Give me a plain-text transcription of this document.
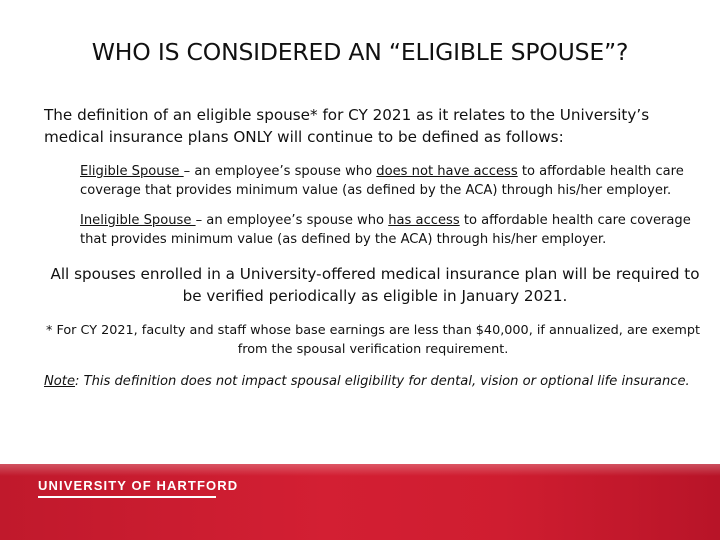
WHO IS CONSIDERED AN “ELIGIBLE SPOUSE”?
The definition of an eligible spouse* for CY 2021 as it relates to the University’s medical insurance plans ONLY will continue to be defined as follows:
Eligible Spouse – an employee’s spouse who does not have access to affordable health care coverage that provides minimum value (as defined by the ACA) through his/her employer.
Ineligible Spouse – an employee’s spouse who has access to affordable health care coverage that provides minimum value (as defined by the ACA) through his/her employer.
All spouses enrolled in a University-offered medical insurance plan will be required to be verified periodically as eligible in January 2021.
* For CY 2021, faculty and staff whose base earnings are less than $40,000, if annualized, are exempt from the spousal verification requirement.
Note: This definition does not impact spousal eligibility for dental, vision or optional life insurance.
UNIVERSITY OF HARTFORD
